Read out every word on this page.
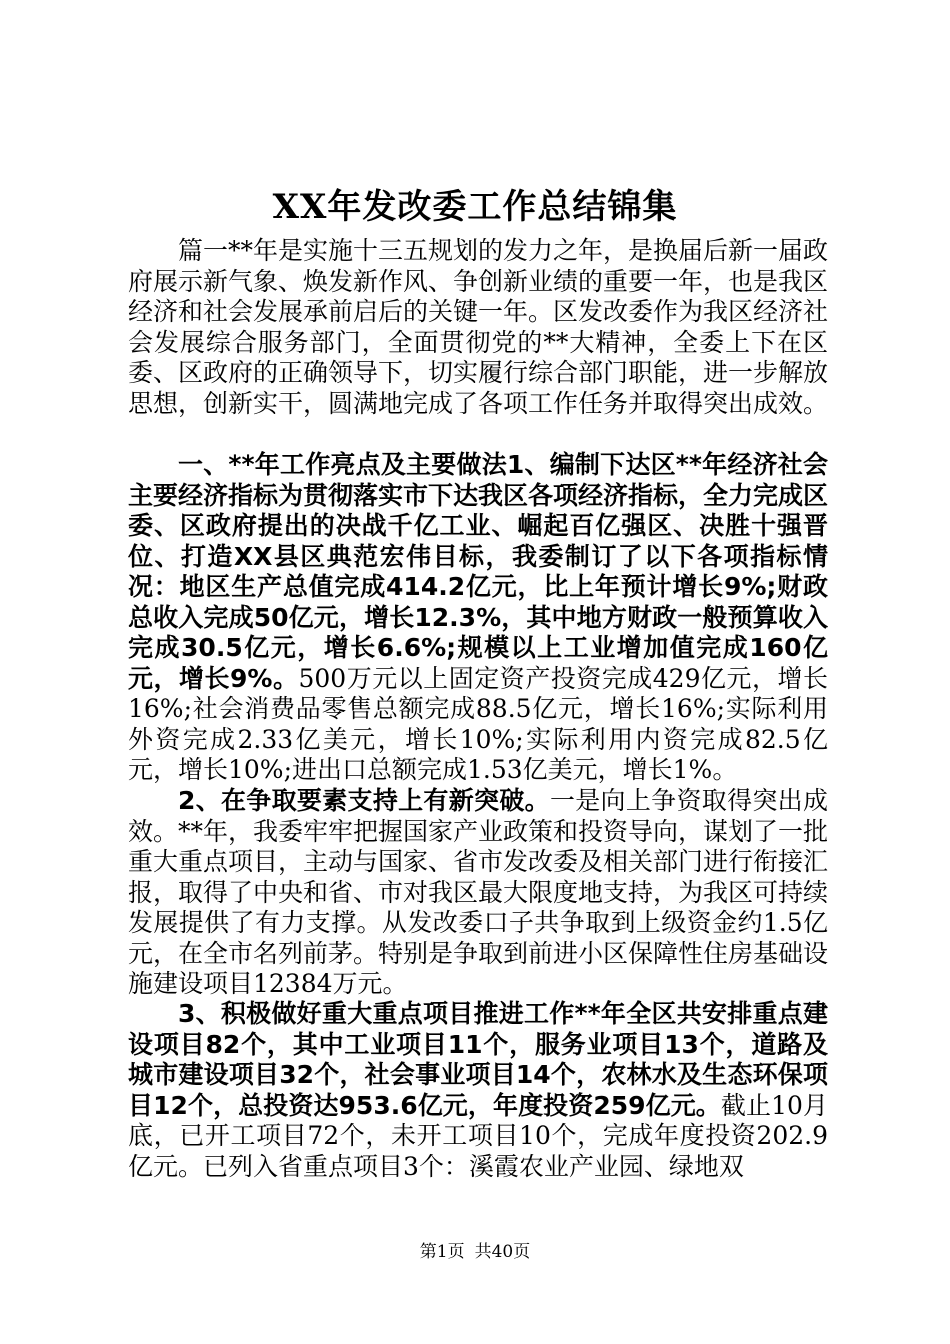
XX年发改委工作总结锦集

篇一**年是实施十三五规划的发力之年，是换届后新一届政府展示新气象、焕发新作风、争创新业绩的重要一年，也是我区经济和社会发展承前启后的关键一年。区发改委作为我区经济社会发展综合服务部门，全面贯彻党的**大精神，全委上下在区委、区政府的正确领导下，切实履行综合部门职能，进一步解放思想，创新实干，圆满地完成了各项工作任务并取得突出成效。

一、**年工作亮点及主要做法1、编制下达区**年经济社会主要经济指标为贯彻落实市下达我区各项经济指标，全力完成区委、区政府提出的决战千亿工业、崛起百亿强区、决胜十强晋位、打造XX县区典范宏伟目标，我委制订了以下各项指标情况：地区生产总值完成414.2亿元，比上年预计增长9%;财政总收入完成50亿元，增长12.3%，其中地方财政一般预算收入完成30.5亿元，增长6.6%;规模以上工业增加值完成160亿元，增长9%。500万元以上固定资产投资完成429亿元，增长16%;社会消费品零售总额完成88.5亿元，增长16%;实际利用外资完成2.33亿美元，增长10%;实际利用内资完成82.5亿元，增长10%;进出口总额完成1.53亿美元，增长1%。

2、在争取要素支持上有新突破。一是向上争资取得突出成效。**年，我委牢牢把握国家产业政策和投资导向，谋划了一批重大重点项目，主动与国家、省市发改委及相关部门进行衔接汇报，取得了中央和省、市对我区最大限度地支持，为我区可持续发展提供了有力支撑。从发改委口子共争取到上级资金约1.5亿元，在全市名列前茅。特别是争取到前进小区保障性住房基础设施建设项目12384万元。

3、积极做好重大重点项目推进工作**年全区共安排重点建设项目82个，其中工业项目11个，服务业项目13个，道路及城市建设项目32个，社会事业项目14个，农林水及生态环保项目12个，总投资达953.6亿元，年度投资259亿元。截止10月底，已开工项目72个，未开工项目10个，完成年度投资202.9亿元。已列入省重点项目3个：溪霞农业产业园、绿地双

第1页 共40页
